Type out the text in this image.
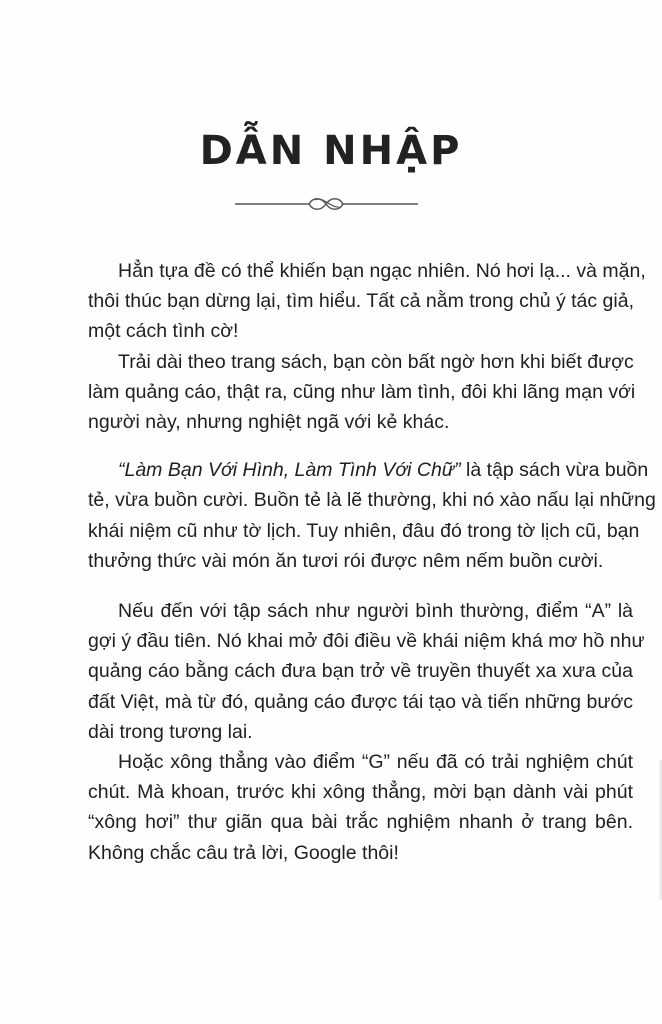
DẪN NHẬP

Hẳn tựa đề có thể khiến bạn ngạc nhiên. Nó hơi lạ... và mặn,
thôi thúc bạn dừng lại, tìm hiểu. Tất cả nằm trong chủ ý tác giả,
một cách tình cờ!

Trải dài theo trang sách, bạn còn bất ngờ hơn khi biết được
làm quảng cáo, thật ra, cũng như làm tình, đôi khi lãng mạn với
người này, nhưng nghiệt ngã với kẻ khác.

“Làm Bạn Với Hình, Làm Tình Với Chữ” là tập sách vừa buồn
tẻ, vừa buồn cười. Buồn tẻ là lẽ thường, khi nó xào nấu lại những
khái niệm cũ như tờ lịch. Tuy nhiên, đâu đó trong tờ lịch cũ, bạn
thưởng thức vài món ăn tươi rói được nêm nếm buồn cười.

Nếu đến với tập sách như người bình thường, điểm “A” là
gợi ý đầu tiên. Nó khai mở đôi điều về khái niệm khá mơ hồ như
quảng cáo bằng cách đưa bạn trở về truyền thuyết xa xưa của
đất Việt, mà từ đó, quảng cáo được tái tạo và tiến những bước
dài trong tương lai.

Hoặc xông thẳng vào điểm “G” nếu đã có trải nghiệm chút
chút. Mà khoan, trước khi xông thẳng, mời bạn dành vài phút
“xông hơi” thư giãn qua bài trắc nghiệm nhanh ở trang bên.
Không chắc câu trả lời, Google thôi!
